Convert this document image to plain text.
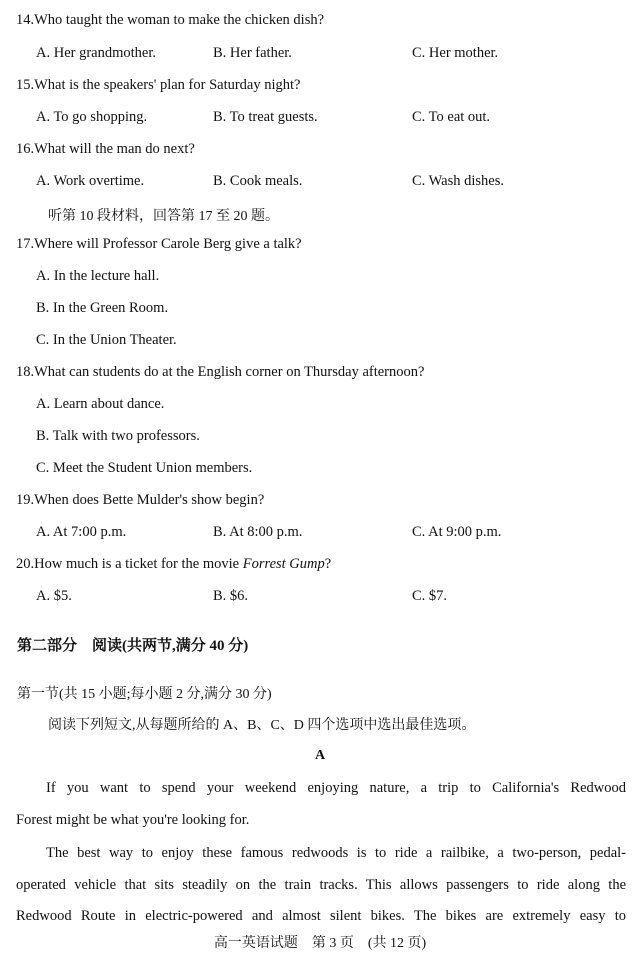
14.Who taught the woman to make the chicken dish?
A. Her grandmother.	B. Her father.	C. Her mother.
15.What is the speakers' plan for Saturday night?
A. To go shopping.	B. To treat guests.	C. To eat out.
16.What will the man do next?
A. Work overtime.	B. Cook meals.	C. Wash dishes.
听第 10 段材料，回答第 17 至 20 题。
17.Where will Professor Carole Berg give a talk?
A. In the lecture hall.
B. In the Green Room.
C. In the Union Theater.
18.What can students do at the English corner on Thursday afternoon?
A. Learn about dance.
B. Talk with two professors.
C. Meet the Student Union members.
19.When does Bette Mulder's show begin?
A. At 7:00 p.m.	B. At 8:00 p.m.	C. At 9:00 p.m.
20.How much is a ticket for the movie Forrest Gump?
A. $5.	B. $6.	C. $7.
第二部分　阅读(共两节,满分 40 分)
第一节(共 15 小题;每小题 2 分,满分 30 分)
阅读下列短文,从每题所给的 A、B、C、D 四个选项中选出最佳选项。
A
If you want to spend your weekend enjoying nature, a trip to California's Redwood
Forest might be what you're looking for.
The best way to enjoy these famous redwoods is to ride a railbike, a two-person, pedal-
operated vehicle that sits steadily on the train tracks. This allows passengers to ride along the
Redwood Route in electric-powered and almost silent bikes. The bikes are extremely easy to
高一英语试题　第 3 页　(共 12 页)
